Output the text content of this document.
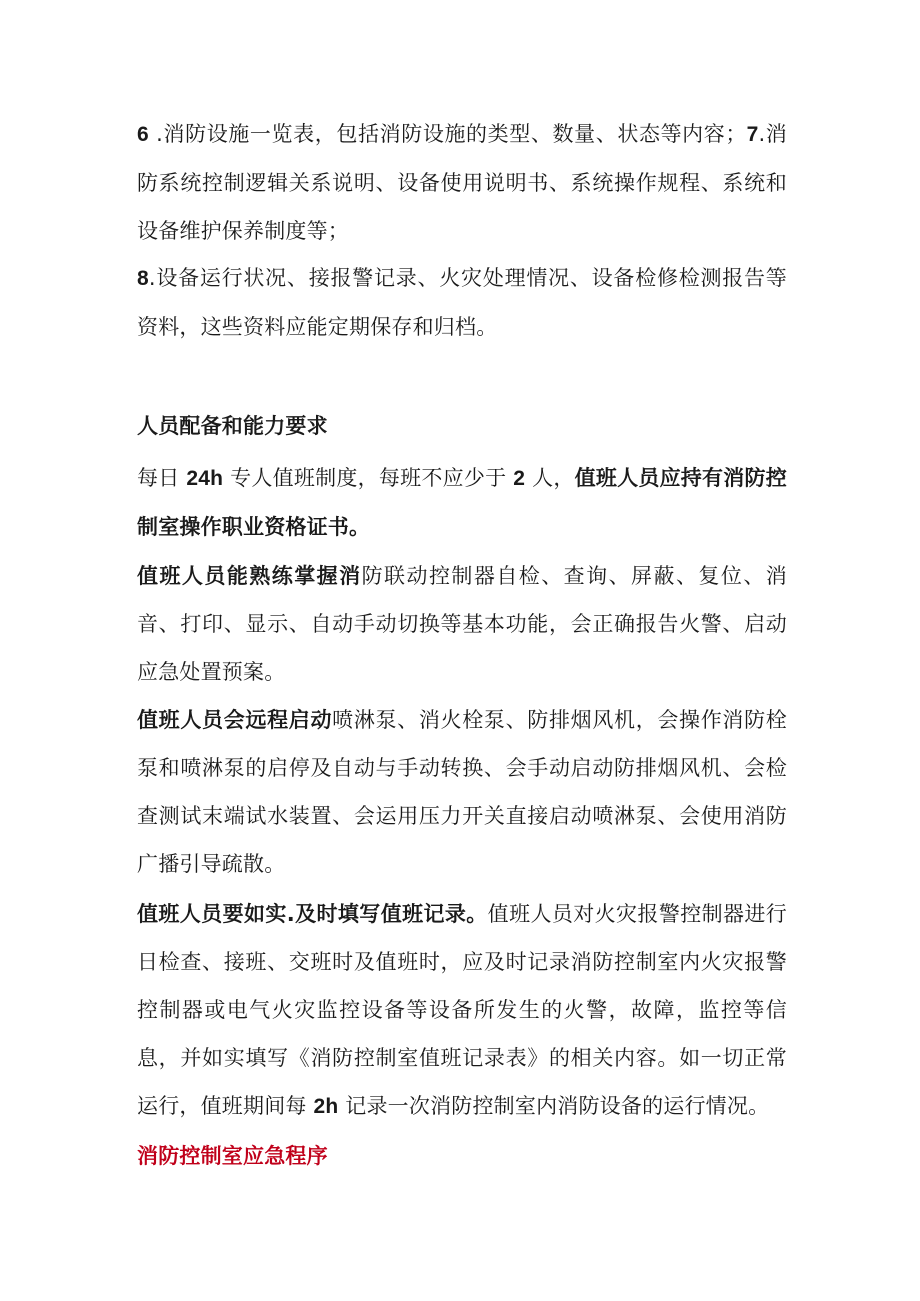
6 .消防设施一览表，包括消防设施的类型、数量、状态等内容；7.消防系统控制逻辑关系说明、设备使用说明书、系统操作规程、系统和设备维护保养制度等；

8.设备运行状况、接报警记录、火灾处理情况、设备检修检测报告等资料，这些资料应能定期保存和归档。

人员配备和能力要求

每日 24h 专人值班制度，每班不应少于 2 人，值班人员应持有消防控制室操作职业资格证书。

值班人员能熟练掌握消防联动控制器自检、查询、屏蔽、复位、消音、打印、显示、自动手动切换等基本功能，会正确报告火警、启动应急处置预案。

值班人员会远程启动喷淋泵、消火栓泵、防排烟风机，会操作消防栓泵和喷淋泵的启停及自动与手动转换、会手动启动防排烟风机、会检查测试末端试水装置、会运用压力开关直接启动喷淋泵、会使用消防广播引导疏散。

值班人员要如实.及时填写值班记录。值班人员对火灾报警控制器进行日检查、接班、交班时及值班时，应及时记录消防控制室内火灾报警控制器或电气火灾监控设备等设备所发生的火警，故障，监控等信息，并如实填写《消防控制室值班记录表》的相关内容。如一切正常运行，值班期间每 2h 记录一次消防控制室内消防设备的运行情况。

消防控制室应急程序
